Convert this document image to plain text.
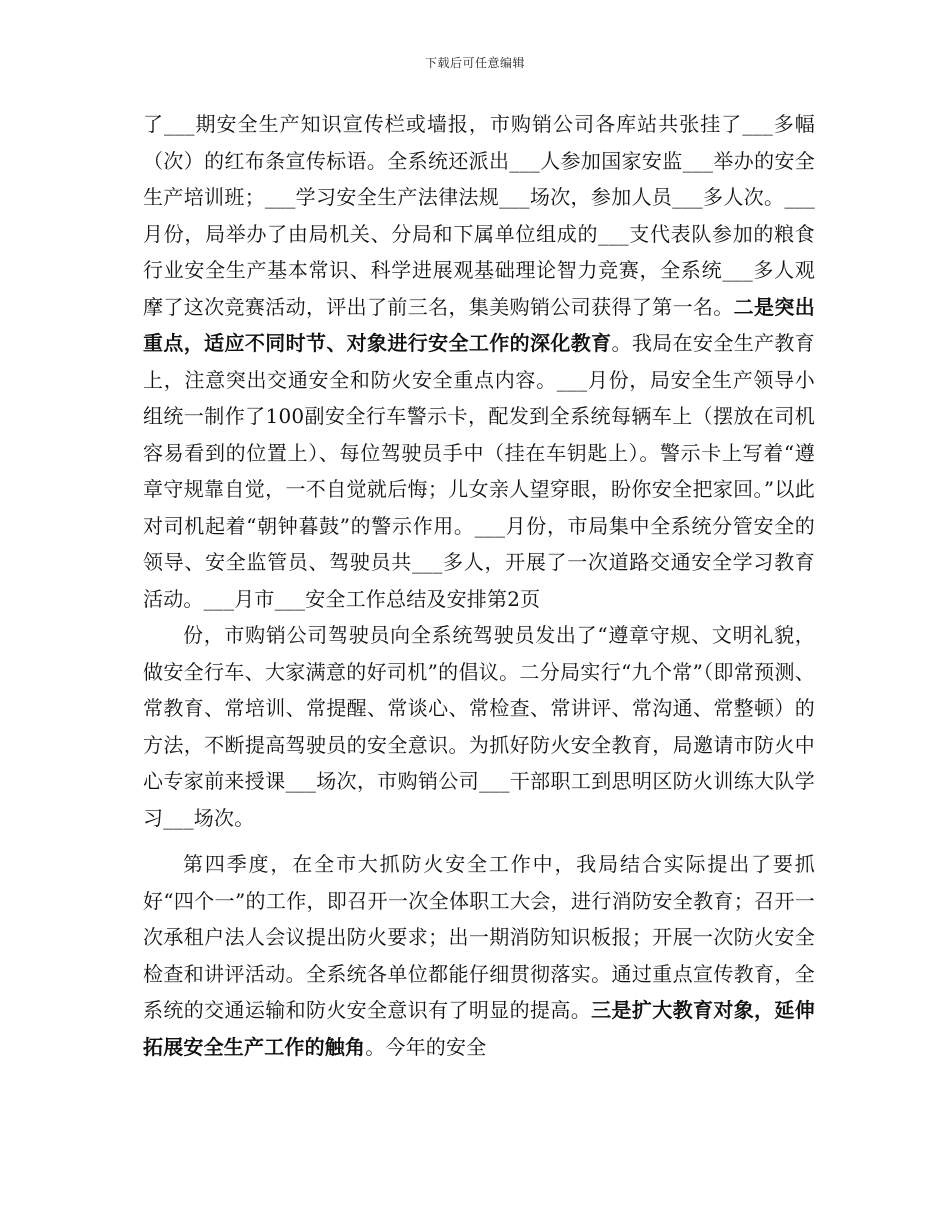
下载后可任意编辑

了___期安全生产知识宣传栏或墙报，市购销公司各库站共张挂了___多幅（次）的红布条宣传标语。全系统还派出___人参加国家安监___举办的安全生产培训班；___学习安全生产法律法规___场次，参加人员___多人次。___月份，局举办了由局机关、分局和下属单位组成的___支代表队参加的粮食行业安全生产基本常识、科学进展观基础理论智力竞赛，全系统___多人观摩了这次竞赛活动，评出了前三名，集美购销公司获得了第一名。二是突出重点，适应不同时节、对象进行安全工作的深化教育。我局在安全生产教育上，注意突出交通安全和防火安全重点内容。___月份，局安全生产领导小组统一制作了100副安全行车警示卡，配发到全系统每辆车上（摆放在司机容易看到的位置上）、每位驾驶员手中（挂在车钥匙上）。警示卡上写着“遵章守规靠自觉，一不自觉就后悔；儿女亲人望穿眼，盼你安全把家回。”以此对司机起着“朝钟暮鼓”的警示作用。___月份，市局集中全系统分管安全的领导、安全监管员、驾驶员共___多人，开展了一次道路交通安全学习教育活动。___月市___安全工作总结及安排第2页

份，市购销公司驾驶员向全系统驾驶员发出了“遵章守规、文明礼貌，做安全行车、大家满意的好司机”的倡议。二分局实行“九个常”（即常预测、常教育、常培训、常提醒、常谈心、常检查、常讲评、常沟通、常整顿）的方法，不断提高驾驶员的安全意识。为抓好防火安全教育，局邀请市防火中心专家前来授课___场次，市购销公司___干部职工到思明区防火训练大队学习___场次。

第四季度，在全市大抓防火安全工作中，我局结合实际提出了要抓好“四个一”的工作，即召开一次全体职工大会，进行消防安全教育；召开一次承租户法人会议提出防火要求；出一期消防知识板报；开展一次防火安全检查和讲评活动。全系统各单位都能仔细贯彻落实。通过重点宣传教育，全系统的交通运输和防火安全意识有了明显的提高。三是扩大教育对象，延伸拓展安全生产工作的触角。今年的安全
